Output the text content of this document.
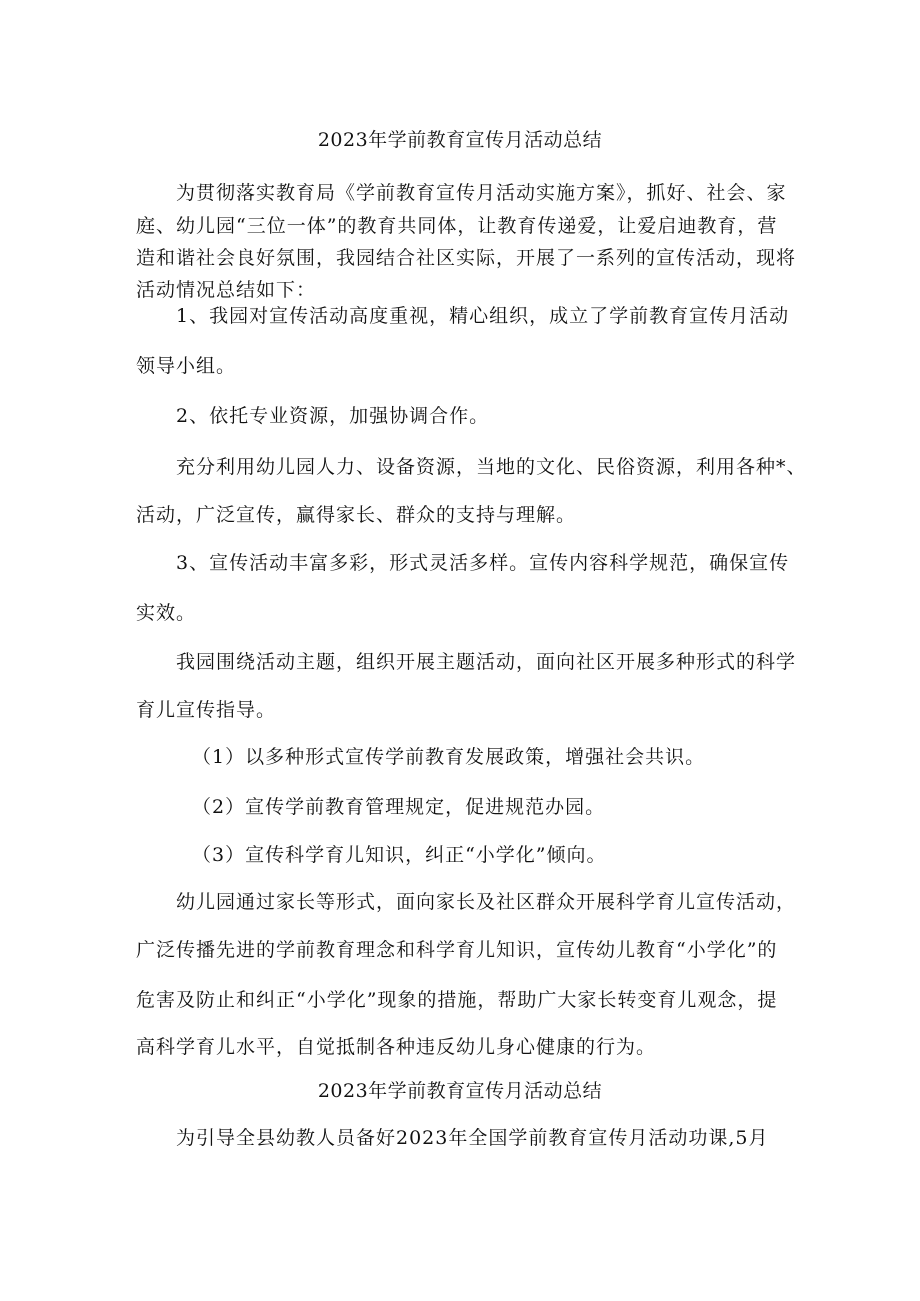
2023年学前教育宣传月活动总结
为贯彻落实教育局《学前教育宣传月活动实施方案》，抓好、社会、家
庭、幼儿园“三位一体”的教育共同体，让教育传递爱，让爱启迪教育，营
造和谐社会良好氛围，我园结合社区实际，开展了一系列的宣传活动，现将
活动情况总结如下：
1、我园对宣传活动高度重视，精心组织，成立了学前教育宣传月活动
领导小组。
2、依托专业资源，加强协调合作。
充分利用幼儿园人力、设备资源，当地的文化、民俗资源，利用各种*、
活动，广泛宣传，赢得家长、群众的支持与理解。
3、宣传活动丰富多彩，形式灵活多样。宣传内容科学规范，确保宣传
实效。
我园围绕活动主题，组织开展主题活动，面向社区开展多种形式的科学
育儿宣传指导。
（1）以多种形式宣传学前教育发展政策，增强社会共识。
（2）宣传学前教育管理规定，促进规范办园。
（3）宣传科学育儿知识，纠正“小学化”倾向。
幼儿园通过家长等形式，面向家长及社区群众开展科学育儿宣传活动，
广泛传播先进的学前教育理念和科学育儿知识，宣传幼儿教育“小学化”的
危害及防止和纠正“小学化”现象的措施，帮助广大家长转变育儿观念，提
高科学育儿水平，自觉抵制各种违反幼儿身心健康的行为。
2023年学前教育宣传月活动总结
为引导全县幼教人员备好2023年全国学前教育宣传月活动功课,5月
